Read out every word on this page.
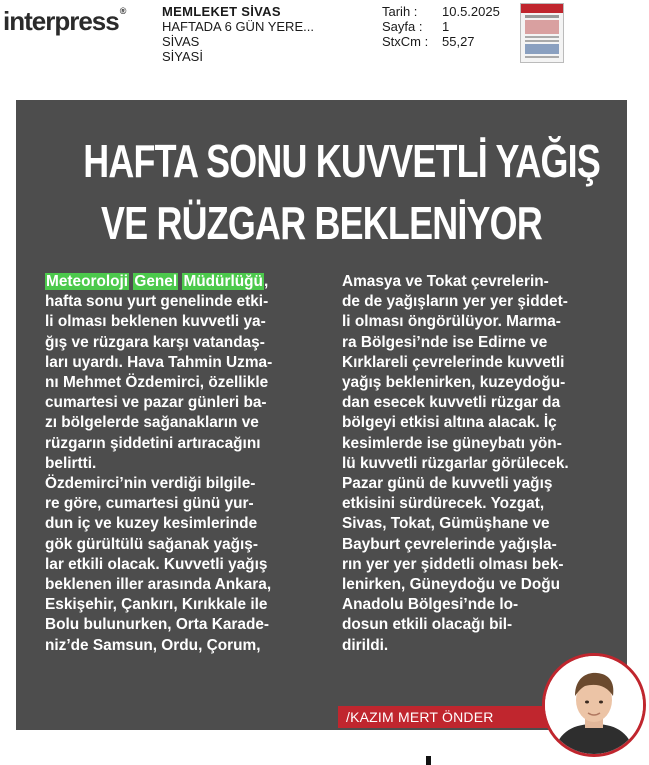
interpress®	MEMLEKET SİVAS
HAFTADA 6 GÜN YERE...
SİVAS
SİYASİ
Tarih :	10.5.2025
Sayfa :	1
StxCm :	55,27
HAFTA SONU KUVVETLİ YAĞIŞ
VE RÜZGAR BEKLENİYOR
Meteoroloji Genel Müdürlüğü,
hafta sonu yurt genelinde etki-
li olması beklenen kuvvetli ya-
ğış ve rüzgara karşı vatandaş-
ları uyardı. Hava Tahmin Uzma-
nı Mehmet Özdemirci, özellikle
cumartesi ve pazar günleri ba-
zı bölgelerde sağanakların ve
rüzgarın şiddetini artıracağını
belirtti.
Özdemirci’nin verdiği bilgile-
re göre, cumartesi günü yur-
dun iç ve kuzey kesimlerinde
gök gürültülü sağanak yağış-
lar etkili olacak. Kuvvetli yağış
beklenen iller arasında Ankara,
Eskişehir, Çankırı, Kırıkkale ile
Bolu bulunurken, Orta Karade-
niz’de Samsun, Ordu, Çorum,
Amasya ve Tokat çevrelerin-
de de yağışların yer yer şiddet-
li olması öngörülüyor. Marma-
ra Bölgesi’nde ise Edirne ve
Kırklareli çevrelerinde kuvvetli
yağış beklenirken, kuzeydoğu-
dan esecek kuvvetli rüzgar da
bölgeyi etkisi altına alacak. İç
kesimlerde ise güneybatı yön-
lü kuvvetli rüzgarlar görülecek.
Pazar günü de kuvvetli yağış
etkisini sürdürecek. Yozgat,
Sivas, Tokat, Gümüşhane ve
Bayburt çevrelerinde yağışla-
rın yer yer şiddetli olması bek-
lenirken, Güneydoğu ve Doğu
Anadolu Bölgesi’nde lo-
dosun etkili olacağı bil-
dirildi.
/KAZIM MERT ÖNDER
